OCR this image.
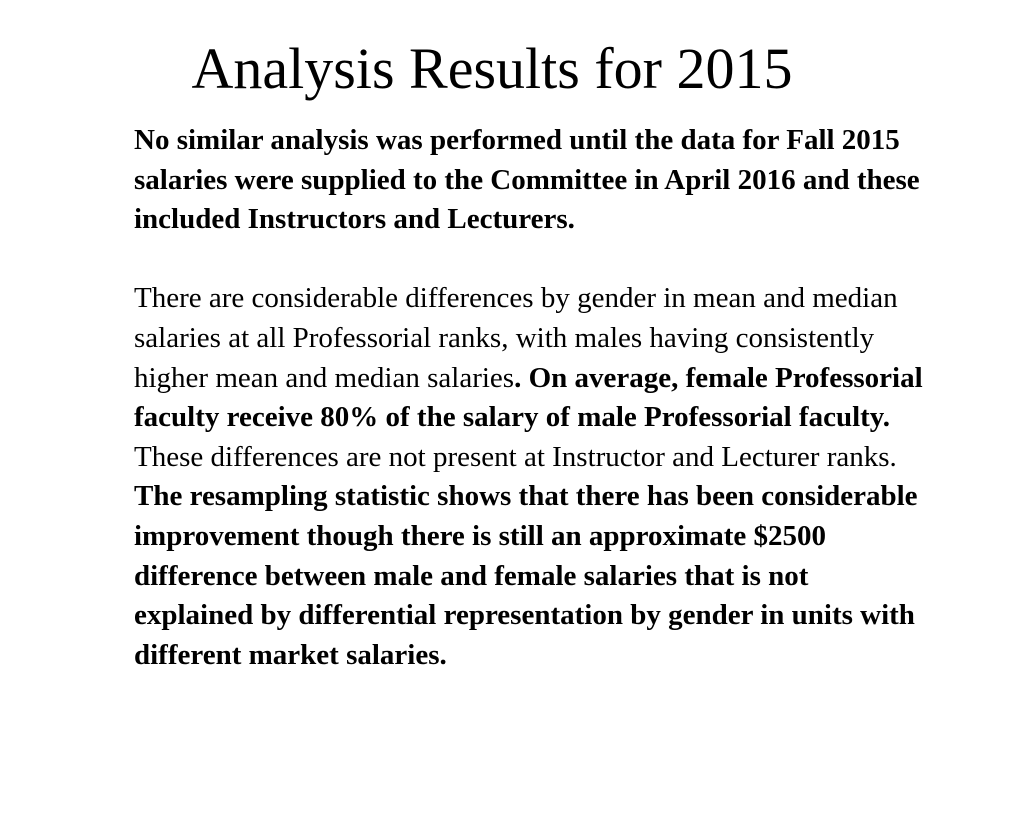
Analysis Results for 2015

No similar analysis was performed until the data for Fall 2015 salaries were supplied to the Committee in April 2016 and these included Instructors and Lecturers.

There are considerable differences by gender in mean and median salaries at all Professorial ranks, with males having consistently higher mean and median salaries. On average, female Professorial faculty receive 80% of the salary of male Professorial faculty. These differences are not present at Instructor and Lecturer ranks. The resampling statistic shows that there has been considerable improvement though there is still an approximate $2500 difference between male and female salaries that is not explained by differential representation by gender in units with different market salaries.
